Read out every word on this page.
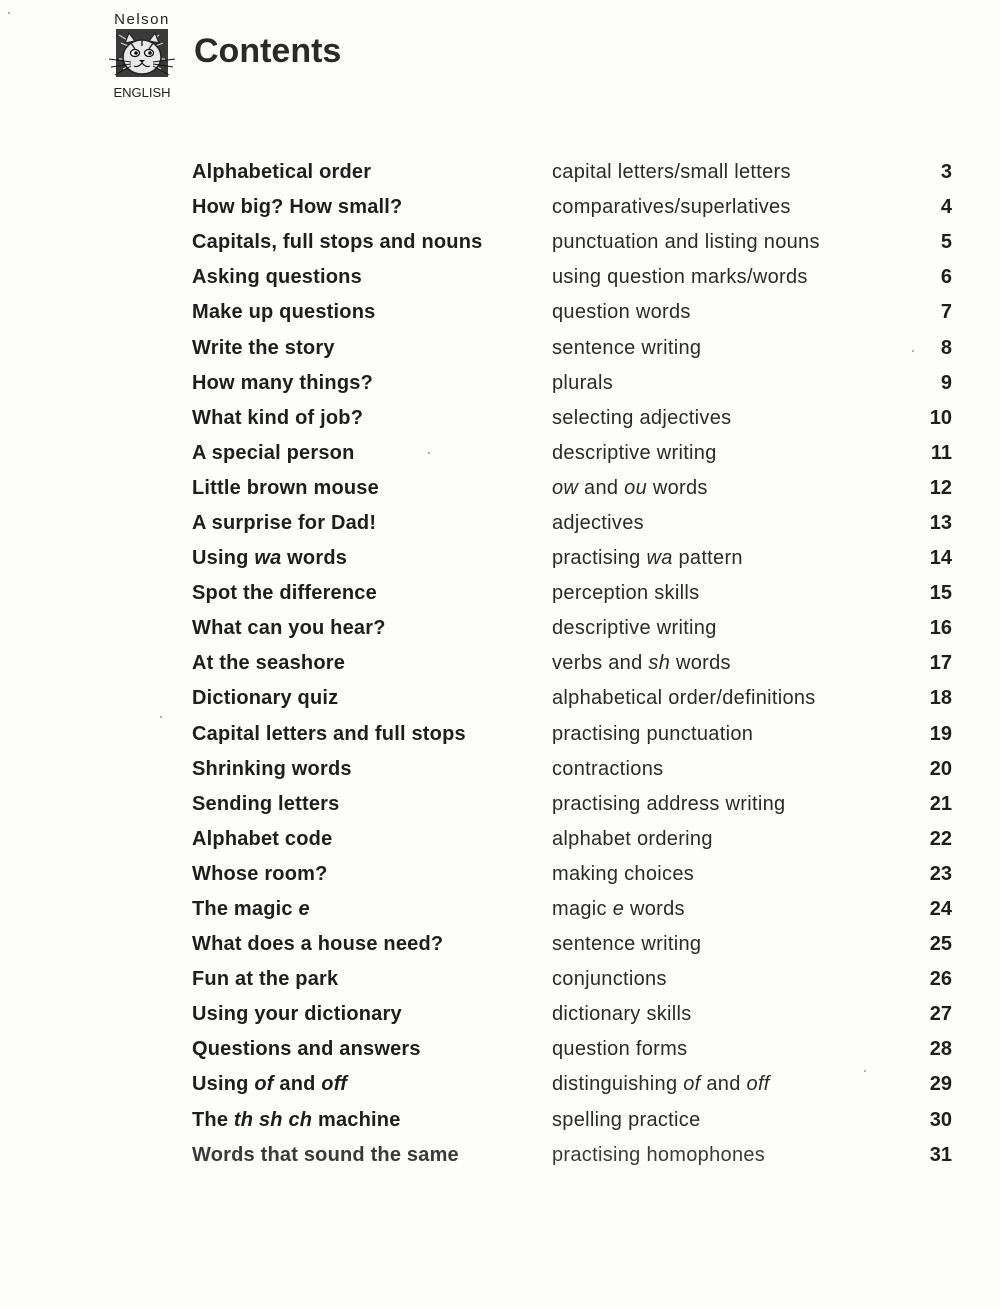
Nelson
ENGLISH
Contents
Alphabetical order	capital letters/small letters	3
How big? How small?	comparatives/superlatives	4
Capitals, full stops and nouns	punctuation and listing nouns	5
Asking questions	using question marks/words	6
Make up questions	question words	7
Write the story	sentence writing	8
How many things?	plurals	9
What kind of job?	selecting adjectives	10
A special person	descriptive writing	11
Little brown mouse	ow and ou words	12
A surprise for Dad!	adjectives	13
Using wa words	practising wa pattern	14
Spot the difference	perception skills	15
What can you hear?	descriptive writing	16
At the seashore	verbs and sh words	17
Dictionary quiz	alphabetical order/definitions	18
Capital letters and full stops	practising punctuation	19
Shrinking words	contractions	20
Sending letters	practising address writing	21
Alphabet code	alphabet ordering	22
Whose room?	making choices	23
The magic e	magic e words	24
What does a house need?	sentence writing	25
Fun at the park	conjunctions	26
Using your dictionary	dictionary skills	27
Questions and answers	question forms	28
Using of and off	distinguishing of and off	29
The th sh ch machine	spelling practice	30
Words that sound the same	practising homophones	31
